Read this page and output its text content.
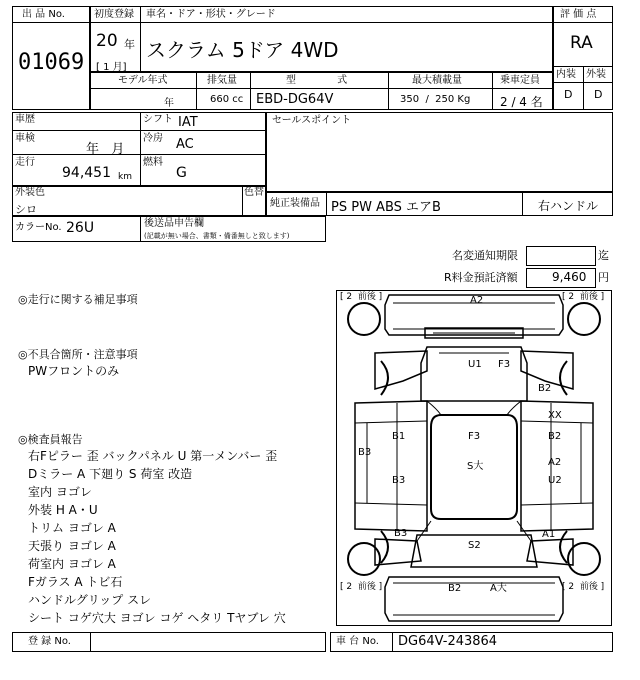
出 品 No.
01069
初度登録 車名・ドア・形状・グレード
20 年
[ 1 月]
スクラム 5ドア 4WD
評 価 点
RA
内装 外装
D D
モデル年式	排気量	型 式	最大積載量	乗車定員
年	660 cc EBD-DG64V	350  /  250 Kg 2 / 4 名
車歴	シフト IAT
車検
年   月
冷房 AC
走行
94,451 km
燃料
G
セールスポイント
外装色
シロ
色替
純正装備品 PS PW ABS エアB	右ハンドル
カラーNo. 26U	後送品申告欄
(記載が無い場合、書類・備番無しと致します)
名変通知期限	迄
R料金預託済額	9,460 円
◎走行に関する補足事項
◎不具合箇所・注意事項
PWフロントのみ
◎検査員報告
右Fピラー 歪 バックパネル U 第一メンバー 歪
Dミラー A 下廻り S 荷室 改造
室内 ヨゴレ
外装 H A・U
トリム ヨゴレ A
天張り ヨゴレ A
荷室内 ヨゴレ A
Fガラス A トビ石
ハンドルグリップ スレ
シート コゲ穴大 ヨゴレ コゲ ヘタリ Tヤブレ 穴
[ 2  前後 ]	[ 2  前後 ]
[ 2  前後 ]	[ 2  前後 ]
A2
U1 F3
B2
XX
B1	F3	B2
B3
S大	A2
B3	U2
B3	A1
S2
B2	A大
登 録 No.	車 台 No. DG64V-243864
